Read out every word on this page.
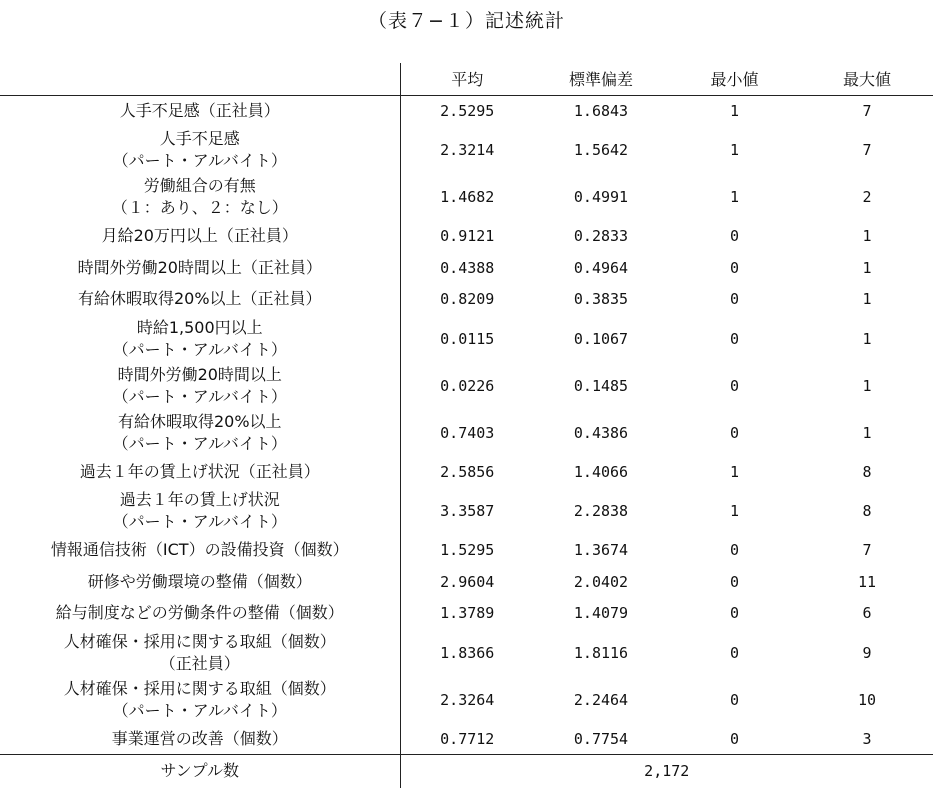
（表７−１）記述統計
	平均	標準偏差	最小値	最大値

人手不足感（正社員）	2.5295	1.6843	1	7

人手不足感
（パート・アルバイト）	2.3214	1.5642	1	7

労働組合の有無
（１：あり、２：なし）	1.4682	0.4991	1	2

月給20万円以上（正社員）	0.9121	0.2833	0	1

時間外労働20時間以上（正社員）	0.4388	0.4964	0	1

有給休暇取得20%以上（正社員）	0.8209	0.3835	0	1

時給1,500円以上
（パート・アルバイト）	0.0115	0.1067	0	1

時間外労働20時間以上
（パート・アルバイト）	0.0226	0.1485	0	1

有給休暇取得20%以上
（パート・アルバイト）	0.7403	0.4386	0	1

過去１年の賃上げ状況（正社員）	2.5856	1.4066	1	8

過去１年の賃上げ状況
（パート・アルバイト）	3.3587	2.2838	1	8

情報通信技術（ICT）の設備投資（個数）	1.5295	1.3674	0	7

研修や労働環境の整備（個数）	2.9604	2.0402	0	11

給与制度などの労働条件の整備（個数）	1.3789	1.4079	0	6

人材確保・採用に関する取組（個数）
（正社員）	1.8366	1.8116	0	9

人材確保・採用に関する取組（個数）
（パート・アルバイト）	2.3264	2.2464	0	10

事業運営の改善（個数）	0.7712	0.7754	0	3
サンプル数	2,172			
